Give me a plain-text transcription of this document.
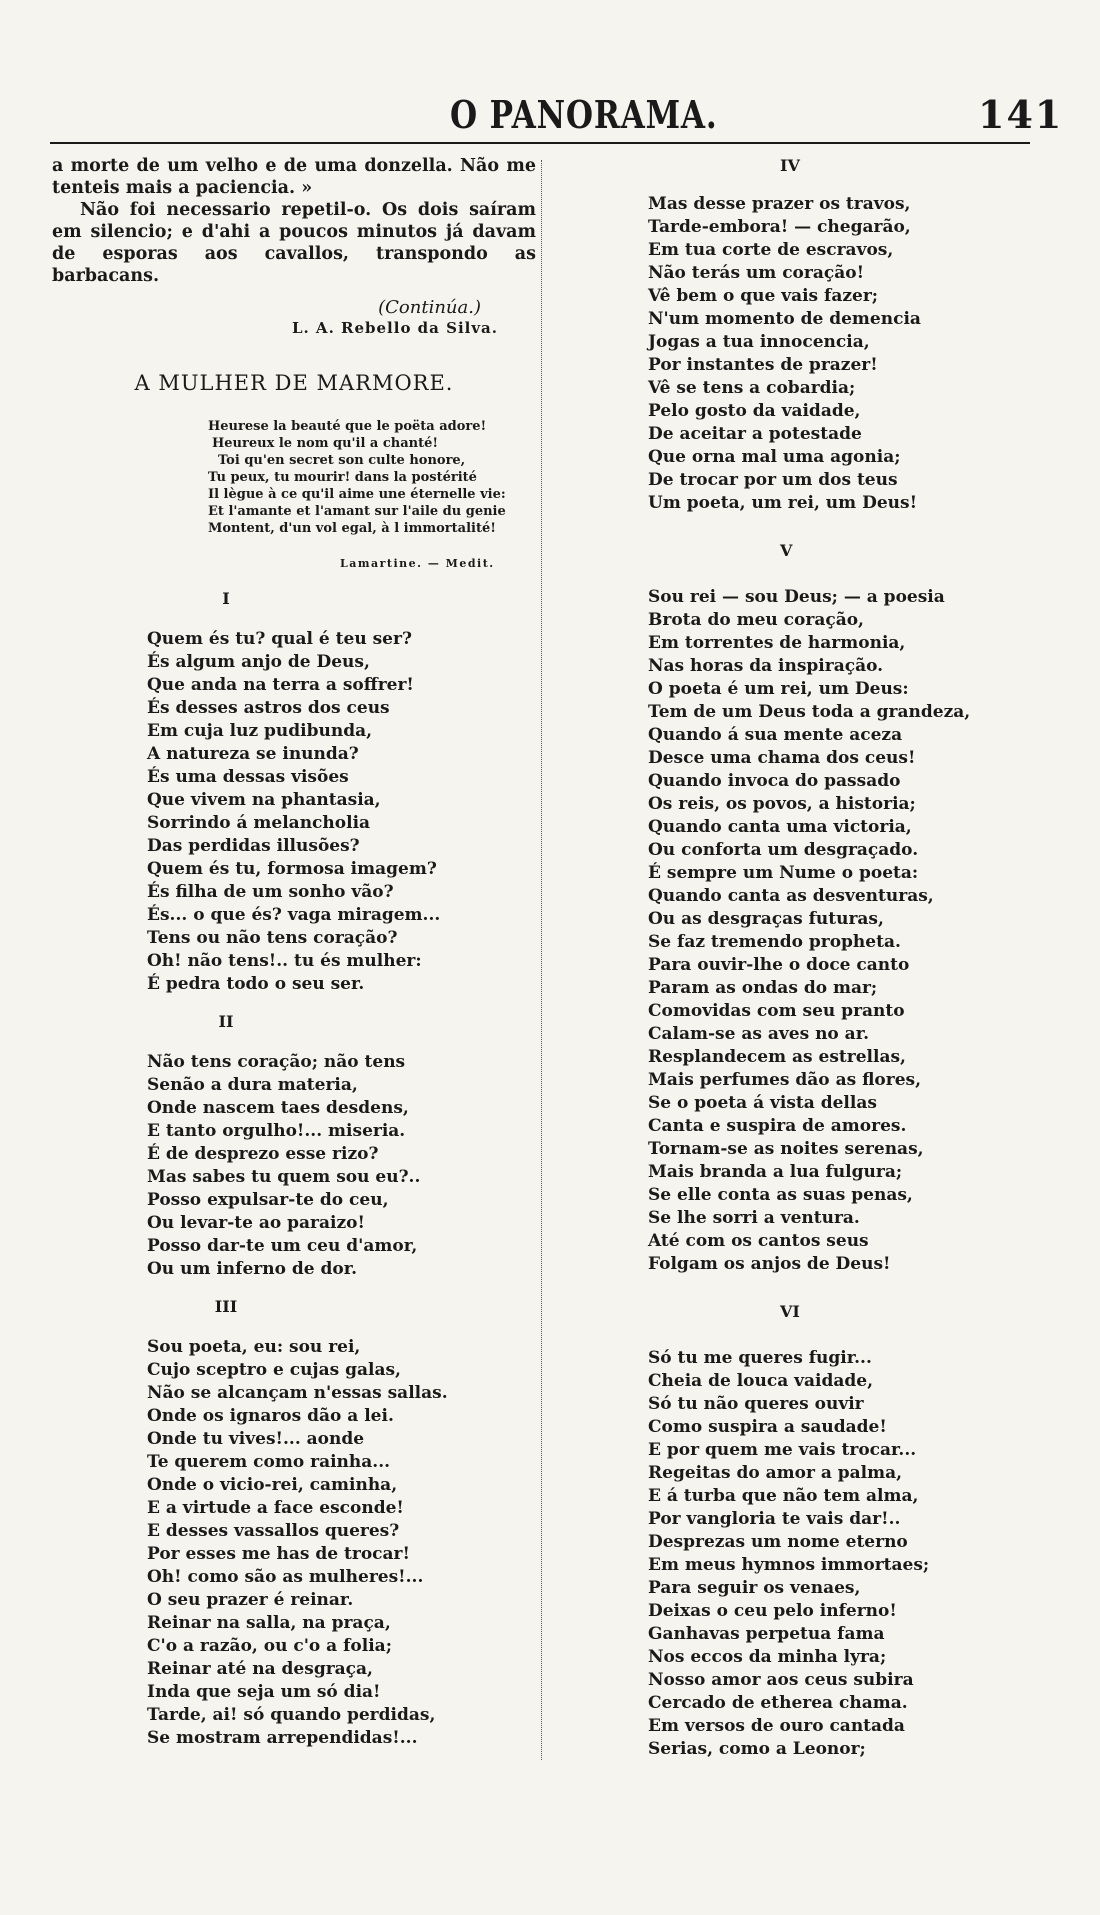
O PANORAMA.	141

a morte de um velho e de uma donzella. Não me tenteis mais a paciencia. »

Não foi necessario repetil-o. Os dois saíram em silencio; e d'ahi a poucos minutos já davam de esporas aos cavallos, transpondo as barbacans.

(Continúa.)
L. A. Rebello da Silva.
A MULHER DE MARMORE.
Heurese la beauté que le poëta adore!
Heureux le nom qu'il a chanté!
Toi qu'en secret son culte honore,
Tu peux, tu mourir! dans la postérité
Il lègue à ce qu'il aime une éternelle vie:
Et l'amante et l'amant sur l'aile du genie
Montent, d'un vol egal, à l immortalité!
Lamartine. — Medit.
I
Quem és tu? qual é teu ser?
És algum anjo de Deus,
Que anda na terra a soffrer!
És desses astros dos ceus
Em cuja luz pudibunda,
A natureza se inunda?
És uma dessas visões
Que vivem na phantasia,
Sorrindo á melancholia
Das perdidas illusões?
Quem és tu, formosa imagem?
És filha de um sonho vão?
És... o que és? vaga miragem...
Tens ou não tens coração?
Oh! não tens!.. tu és mulher:
É pedra todo o seu ser.
II
Não tens coração; não tens
Senão a dura materia,
Onde nascem taes desdens,
E tanto orgulho!... miseria.
É de desprezo esse rizo?
Mas sabes tu quem sou eu?..
Posso expulsar-te do ceu,
Ou levar-te ao paraizo!
Posso dar-te um ceu d'amor,
Ou um inferno de dor.
III
Sou poeta, eu: sou rei,
Cujo sceptro e cujas galas,
Não se alcançam n'essas sallas.
Onde os ignaros dão a lei.
Onde tu vives!... aonde
Te querem como rainha...
Onde o vicio-rei, caminha,
E a virtude a face esconde!
E desses vassallos queres?
Por esses me has de trocar!
Oh! como são as mulheres!...
O seu prazer é reinar.
Reinar na salla, na praça,
C'o a razão, ou c'o a folia;
Reinar até na desgraça,
Inda que seja um só dia!
Tarde, ai! só quando perdidas,
Se mostram arrependidas!...
IV
Mas desse prazer os travos,
Tarde-embora! — chegarão,
Em tua corte de escravos,
Não terás um coração!
Vê bem o que vais fazer;
N'um momento de demencia
Jogas a tua innocencia,
Por instantes de prazer!
Vê se tens a cobardia;
Pelo gosto da vaidade,
De aceitar a potestade
Que orna mal uma agonia;
De trocar por um dos teus
Um poeta, um rei, um Deus!
V
Sou rei — sou Deus; — a poesia
Brota do meu coração,
Em torrentes de harmonia,
Nas horas da inspiração.
O poeta é um rei, um Deus:
Tem de um Deus toda a grandeza,
Quando á sua mente aceza
Desce uma chama dos ceus!
Quando invoca do passado
Os reis, os povos, a historia;
Quando canta uma victoria,
Ou conforta um desgraçado.
É sempre um Nume o poeta:
Quando canta as desventuras,
Ou as desgraças futuras,
Se faz tremendo propheta.
Para ouvir-lhe o doce canto
Param as ondas do mar;
Comovidas com seu pranto
Calam-se as aves no ar.
Resplandecem as estrellas,
Mais perfumes dão as flores,
Se o poeta á vista dellas
Canta e suspira de amores.
Tornam-se as noites serenas,
Mais branda a lua fulgura;
Se elle conta as suas penas,
Se lhe sorri a ventura.
Até com os cantos seus
Folgam os anjos de Deus!
VI
Só tu me queres fugir...
Cheia de louca vaidade,
Só tu não queres ouvir
Como suspira a saudade!
E por quem me vais trocar...
Regeitas do amor a palma,
E á turba que não tem alma,
Por vangloria te vais dar!..
Desprezas um nome eterno
Em meus hymnos immortaes;
Para seguir os venaes,
Deixas o ceu pelo inferno!
Ganhavas perpetua fama
Nos eccos da minha lyra;
Nosso amor aos ceus subira
Cercado de etherea chama.
Em versos de ouro cantada
Serias, como a Leonor;
